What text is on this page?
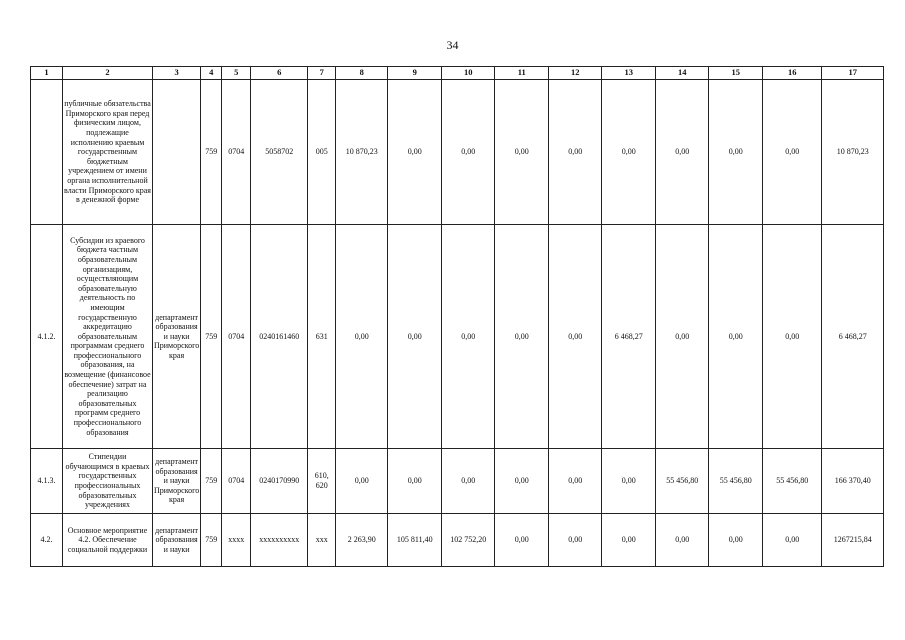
34
1	2	3	4	5	6	7	8	9	10	11	12	13	14	15	16	17
	публичные обязательства Приморского края перед физическим лицом, подлежащие исполнению краевым государственным бюджетным учреждением от имени органа исполнительной власти Приморского края в денежной форме		759	0704	5058702	005	10 870,23	0,00	0,00	0,00	0,00	0,00	0,00	0,00	0,00	10 870,23
4.1.2.	Субсидии из краевого бюджета частным образовательным организациям, осуществляющим образовательную деятельность по имеющим государственную аккредитацию образовательным программам среднего профессионального образования, на возмещение (финансовое обеспечение) затрат на реализацию образовательных программ среднего профессионального образования	департамент образования и науки Приморского края	759	0704	0240161460	631	0,00	0,00	0,00	0,00	0,00	6 468,27	0,00	0,00	0,00	6 468,27
4.1.3.	Стипендии обучающимся в краевых государственных профессиональных образовательных учреждениях	департамент образования и науки Приморского края	759	0704	0240170990	610, 620	0,00	0,00	0,00	0,00	0,00	0,00	55 456,80	55 456,80	55 456,80	166 370,40
4.2.	Основное мероприятие 4.2. Обеспечение социальной поддержки	департамент образования и науки	759	xxxx	xxxxxxxxxx	xxx	2 263,90	105 811,40	102 752,20	0,00	0,00	0,00	0,00	0,00	0,00	1267215,84
